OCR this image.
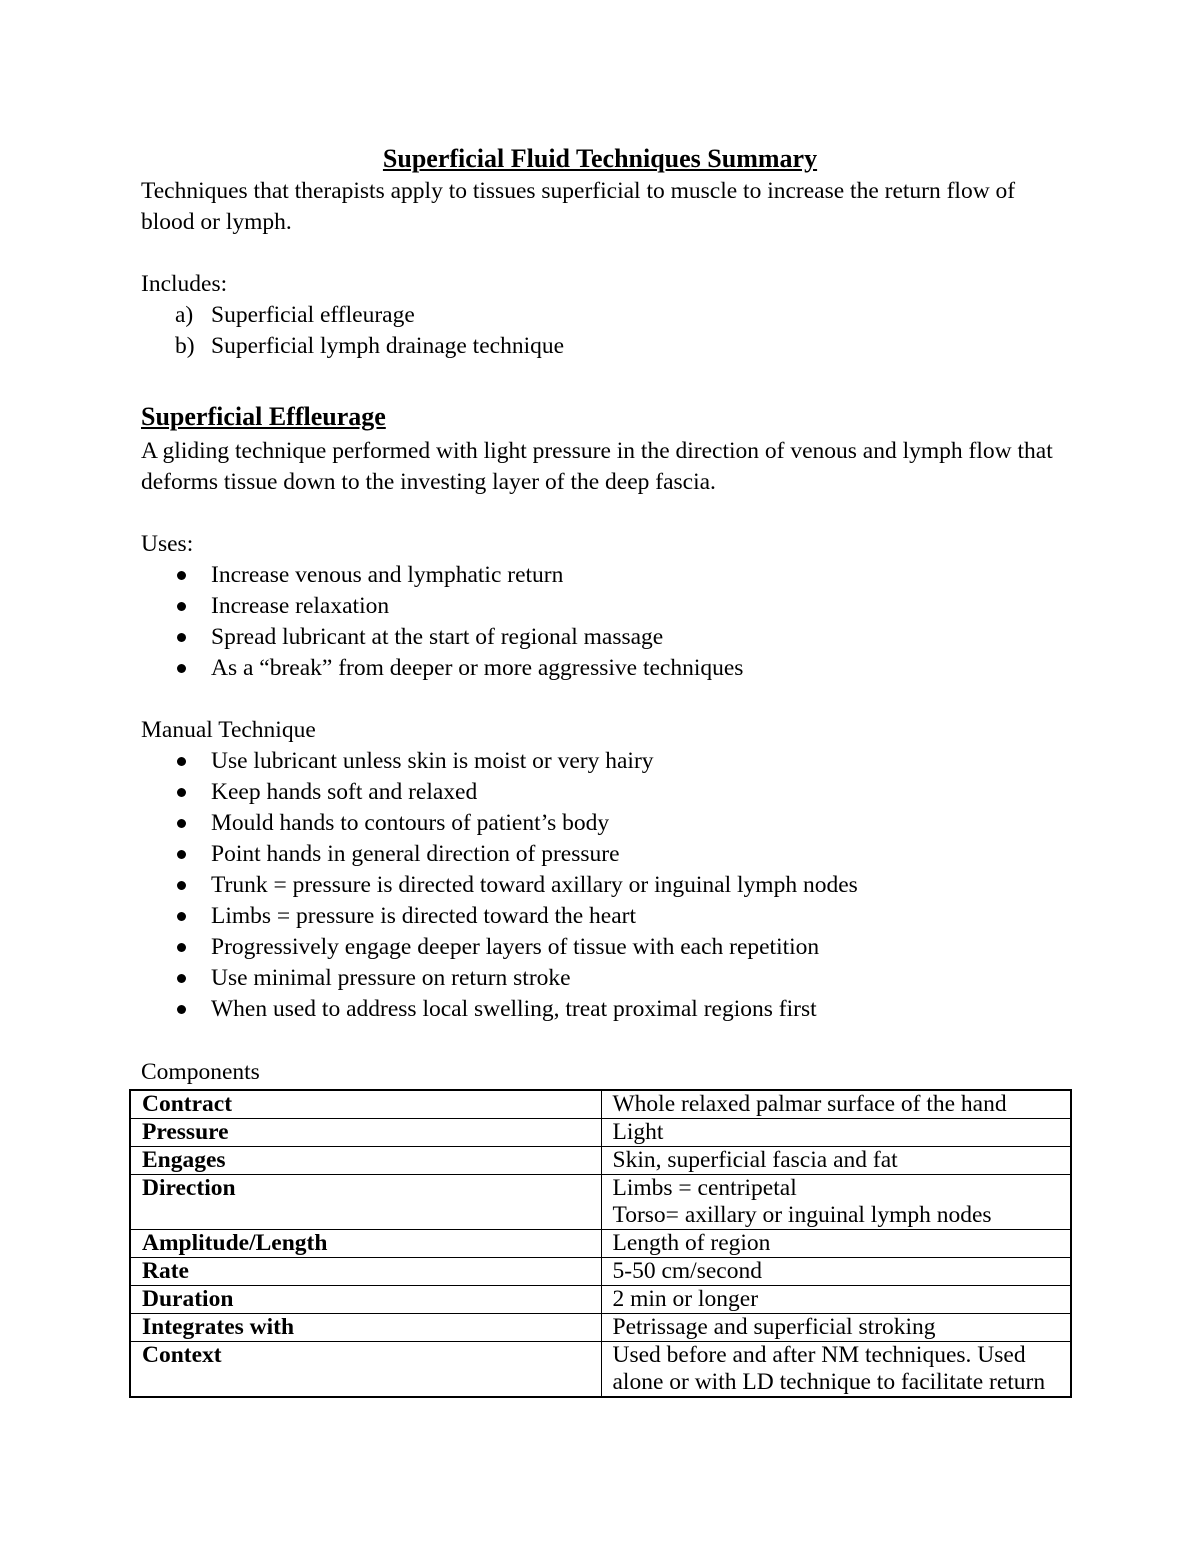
Superficial Fluid Techniques Summary
Techniques that therapists apply to tissues superficial to muscle to increase the return flow of blood or lymph.
Includes:
a) Superficial effleurage
b) Superficial lymph drainage technique
Superficial Effleurage
A gliding technique performed with light pressure in the direction of venous and lymph flow that deforms tissue down to the investing layer of the deep fascia.
Uses:
Increase venous and lymphatic return
Increase relaxation
Spread lubricant at the start of regional massage
As a “break” from deeper or more aggressive techniques
Manual Technique
Use lubricant unless skin is moist or very hairy
Keep hands soft and relaxed
Mould hands to contours of patient’s body
Point hands in general direction of pressure
Trunk = pressure is directed toward axillary or inguinal lymph nodes
Limbs = pressure is directed toward the heart
Progressively engage deeper layers of tissue with each repetition
Use minimal pressure on return stroke
When used to address local swelling, treat proximal regions first
Components
Contract	Whole relaxed palmar surface of the hand

Pressure	Light

Engages	Skin, superficial fascia and fat

Direction	Limbs = centripetal
Torso= axillary or inguinal lymph nodes

Amplitude/Length	Length of region

Rate	5-50 cm/second

Duration	2 min or longer

Integrates with	Petrissage and superficial stroking

Context	Used before and after NM techniques. Used alone or with LD technique to facilitate return
